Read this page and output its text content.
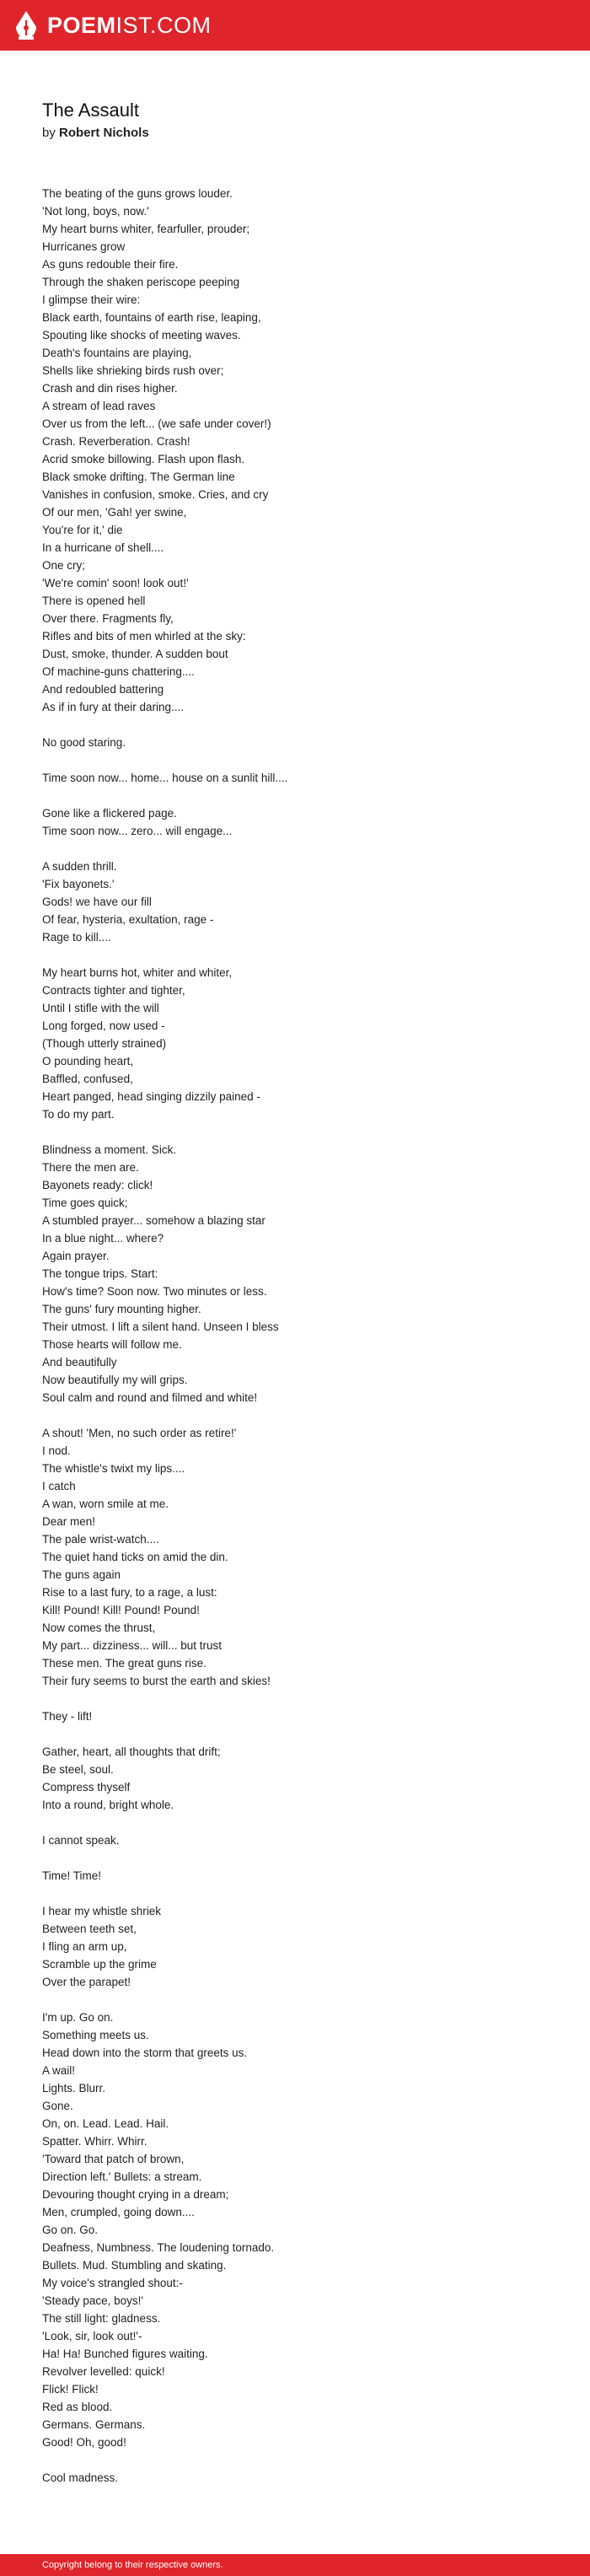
POEMIST.COM
The Assault
by Robert Nichols
The beating of the guns grows louder.
'Not long, boys, now.'
My heart burns whiter, fearfuller, prouder;
Hurricanes grow
As guns redouble their fire.
Through the shaken periscope peeping
I glimpse their wire:
Black earth, fountains of earth rise, leaping,
Spouting like shocks of meeting waves.
Death's fountains are playing,
Shells like shrieking birds rush over;
Crash and din rises higher.
A stream of lead raves
Over us from the left... (we safe under cover!)
Crash. Reverberation. Crash!
Acrid smoke billowing. Flash upon flash.
Black smoke drifting. The German line
Vanishes in confusion, smoke. Cries, and cry
Of our men, 'Gah! yer swine,
You're for it,' die
In a hurricane of shell....
One cry;
'We're comin' soon! look out!'
There is opened hell
Over there. Fragments fly,
Rifles and bits of men whirled at the sky:
Dust, smoke, thunder. A sudden bout
Of machine-guns chattering....
And redoubled battering
As if in fury at their daring....
No good staring.
Time soon now... home... house on a sunlit hill....
Gone like a flickered page.
Time soon now... zero... will engage...
A sudden thrill.
'Fix bayonets.'
Gods! we have our fill
Of fear, hysteria, exultation, rage -
Rage to kill....
My heart burns hot, whiter and whiter,
Contracts tighter and tighter,
Until I stifle with the will
Long forged, now used -
(Though utterly strained)
O pounding heart,
Baffled, confused,
Heart panged, head singing dizzily pained -
To do my part.
Blindness a moment. Sick.
There the men are.
Bayonets ready: click!
Time goes quick;
A stumbled prayer... somehow a blazing star
In a blue night... where?
Again prayer.
The tongue trips. Start:
How's time? Soon now. Two minutes or less.
The guns' fury mounting higher.
Their utmost. I lift a silent hand. Unseen I bless
Those hearts will follow me.
And beautifully
Now beautifully my will grips.
Soul calm and round and filmed and white!
A shout! 'Men, no such order as retire!'
I nod.
The whistle's twixt my lips....
I catch
A wan, worn smile at me.
Dear men!
The pale wrist-watch....
The quiet hand ticks on amid the din.
The guns again
Rise to a last fury, to a rage, a lust:
Kill! Pound! Kill! Pound! Pound!
Now comes the thrust,
My part... dizziness... will... but trust
These men. The great guns rise.
Their fury seems to burst the earth and skies!
They - lift!
Gather, heart, all thoughts that drift;
Be steel, soul.
Compress thyself
Into a round, bright whole.
I cannot speak.
Time! Time!
I hear my whistle shriek
Between teeth set,
I fling an arm up,
Scramble up the grime
Over the parapet!
I'm up. Go on.
Something meets us.
Head down into the storm that greets us.
A wail!
Lights. Blurr.
Gone.
On, on. Lead. Lead. Hail.
Spatter. Whirr. Whirr.
'Toward that patch of brown,
Direction left.' Bullets: a stream.
Devouring thought crying in a dream;
Men, crumpled, going down....
Go on. Go.
Deafness, Numbness. The loudening tornado.
Bullets. Mud. Stumbling and skating.
My voice's strangled shout:-
'Steady pace, boys!'
The still light: gladness.
'Look, sir, look out!'-
Ha! Ha! Bunched figures waiting.
Revolver levelled: quick!
Flick! Flick!
Red as blood.
Germans. Germans.
Good! Oh, good!
Cool madness.
Copyright belong to their respective owners.
